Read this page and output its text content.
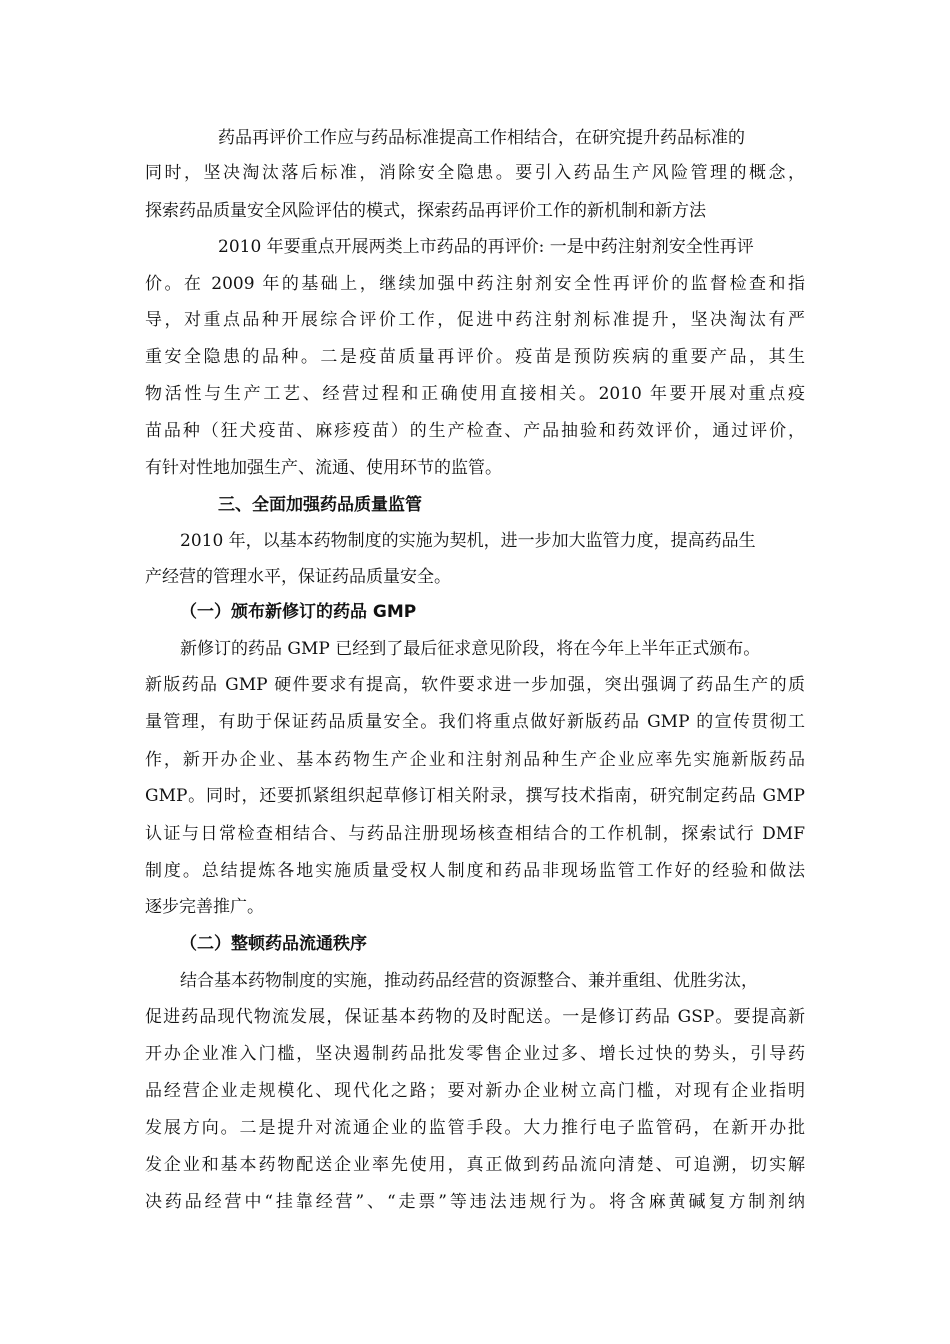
药品再评价工作应与药品标准提高工作相结合，在研究提升药品标准的
同时，坚决淘汰落后标准，消除安全隐患。要引入药品生产风险管理的概念，
探索药品质量安全风险评估的模式，探索药品再评价工作的新机制和新方法
2010 年要重点开展两类上市药品的再评价: 一是中药注射剂安全性再评
价。在 2009 年的基础上，继续加强中药注射剂安全性再评价的监督检查和指
导，对重点品种开展综合评价工作，促进中药注射剂标准提升，坚决淘汰有严
重安全隐患的品种。二是疫苗质量再评价。疫苗是预防疾病的重要产品，其生
物活性与生产工艺、经营过程和正确使用直接相关。2010 年要开展对重点疫
苗品种（狂犬疫苗、麻疹疫苗）的生产检查、产品抽验和药效评价，通过评价，
有针对性地加强生产、流通、使用环节的监管。
三、全面加强药品质量监管
2010 年，以基本药物制度的实施为契机，进一步加大监管力度，提高药品生
产经营的管理水平，保证药品质量安全。
（一）颁布新修订的药品 GMP
新修订的药品 GMP 已经到了最后征求意见阶段，将在今年上半年正式颁布。
新版药品 GMP 硬件要求有提高，软件要求进一步加强，突出强调了药品生产的质
量管理，有助于保证药品质量安全。我们将重点做好新版药品 GMP 的宣传贯彻工
作，新开办企业、基本药物生产企业和注射剂品种生产企业应率先实施新版药品
GMP。同时，还要抓紧组织起草修订相关附录，撰写技术指南，研究制定药品 GMP
认证与日常检查相结合、与药品注册现场核查相结合的工作机制，探索试行 DMF
制度。总结提炼各地实施质量受权人制度和药品非现场监管工作好的经验和做法
逐步完善推广。
（二）整顿药品流通秩序
结合基本药物制度的实施，推动药品经营的资源整合、兼并重组、优胜劣汰，
促进药品现代物流发展，保证基本药物的及时配送。一是修订药品 GSP。要提高新
开办企业准入门槛，坚决遏制药品批发零售企业过多、增长过快的势头，引导药
品经营企业走规模化、现代化之路；要对新办企业树立高门槛，对现有企业指明
发展方向。二是提升对流通企业的监管手段。大力推行电子监管码，在新开办批
发企业和基本药物配送企业率先使用，真正做到药品流向清楚、可追溯，切实解
决药品经营中“挂靠经营”、“走票”等违法违规行为。将含麻黄碱复方制剂纳
